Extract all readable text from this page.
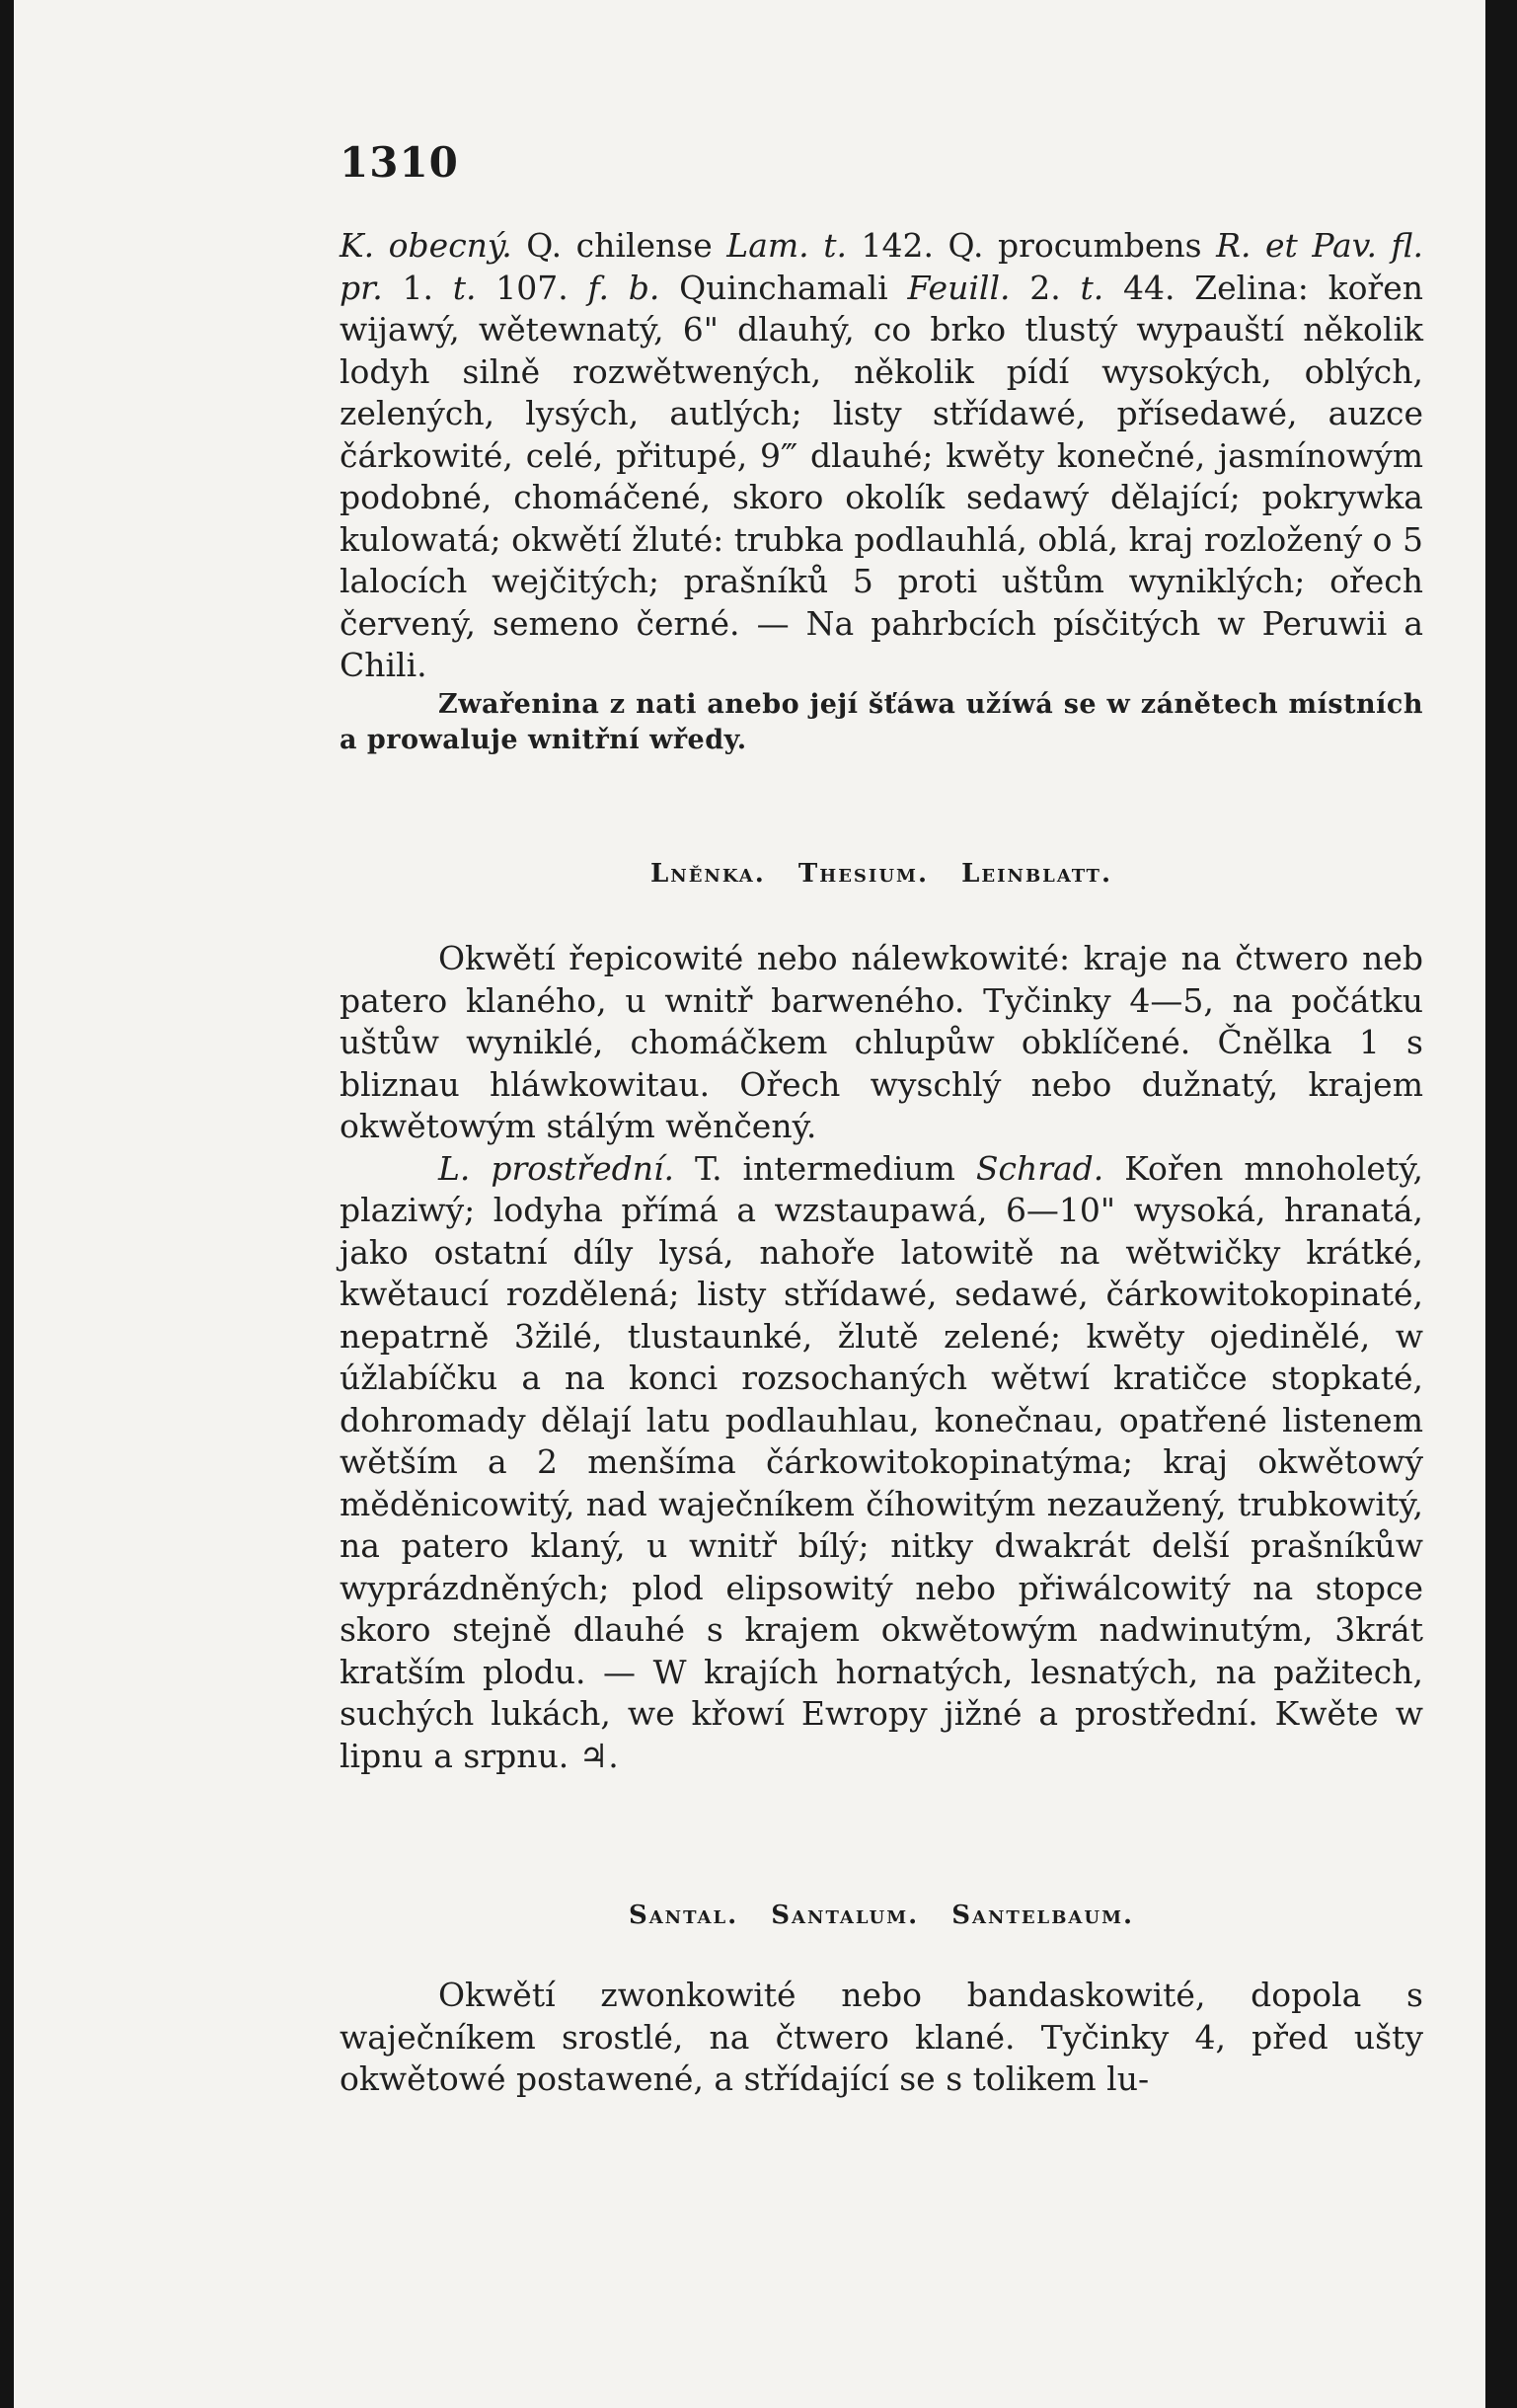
1310

K. obecný. Q. chilense Lam. t. 142. Q. procumbens R. et Pav. fl. pr. 1. t. 107. f. b. Quinchamali Feuill. 2. t. 44. Zelina: kořen wijawý, wětewnatý, 6" dlauhý, co brko tlustý wypauští několik lodyh silně rozwětwených, několik pídí wysokých, oblých, zelených, lysých, autlých; listy střídawé, přísedawé, auzce čárkowité, celé, přitupé, 9‴ dlauhé; kwěty konečné, jasmínowým podobné, chomáčené, skoro okolík sedawý dělající; pokrywka kulowatá; okwětí žluté: trubka podlauhlá, oblá, kraj rozložený o 5 lalocích wejčitých; prašníků 5 proti uštům wyniklých; ořech červený, semeno černé. — Na pahrbcích písčitých w Peruwii a Chili.

Zwařenina z nati anebo její šťáwa užíwá se w zánětech místních a prowaluje wnitřní wředy.

Lněnka. Thesium. Leinblatt.

Okwětí řepicowité nebo nálewkowité: kraje na čtwero neb patero klaného, u wnitř barweného. Tyčinky 4—5, na počátku uštůw wyniklé, chomáčkem chlupůw obklíčené. Čnělka 1 s bliznau hláwkowitau. Ořech wyschlý nebo dužnatý, krajem okwětowým stálým wěnčený.

L. prostřední. T. intermedium Schrad. Kořen mnoholetý, plaziwý; lodyha přímá a wzstaupawá, 6—10" wysoká, hranatá, jako ostatní díly lysá, nahoře latowitě na wětwičky krátké, kwětaucí rozdělená; listy střídawé, sedawé, čárkowitokopinaté, nepatrně 3žilé, tlustaunké, žlutě zelené; kwěty ojedinělé, w úžlabíčku a na konci rozsochaných wětwí kratičce stopkaté, dohromady dělají latu podlauhlau, konečnau, opatřené listenem wětším a 2 menšíma čárkowitokopinatýma; kraj okwětowý měděnicowitý, nad waječníkem číhowitým nezaužený, trubkowitý, na patero klaný, u wnitř bílý; nitky dwakrát delší prašníkůw wyprázdněných; plod elipsowitý nebo přiwálcowitý na stopce skoro stejně dlauhé s krajem okwětowým nadwinutým, 3krát kratším plodu. — W krajích hornatých, lesnatých, na pažitech, suchých lukách, we křowí Ewropy jižné a prostřední. Kwěte w lipnu a srpnu. ♃.

Santal. Santalum. Santelbaum.

Okwětí zwonkowité nebo bandaskowité, dopola s waječníkem srostlé, na čtwero klané. Tyčinky 4, před ušty okwětowé postawené, a střídající se s tolikem lu-
